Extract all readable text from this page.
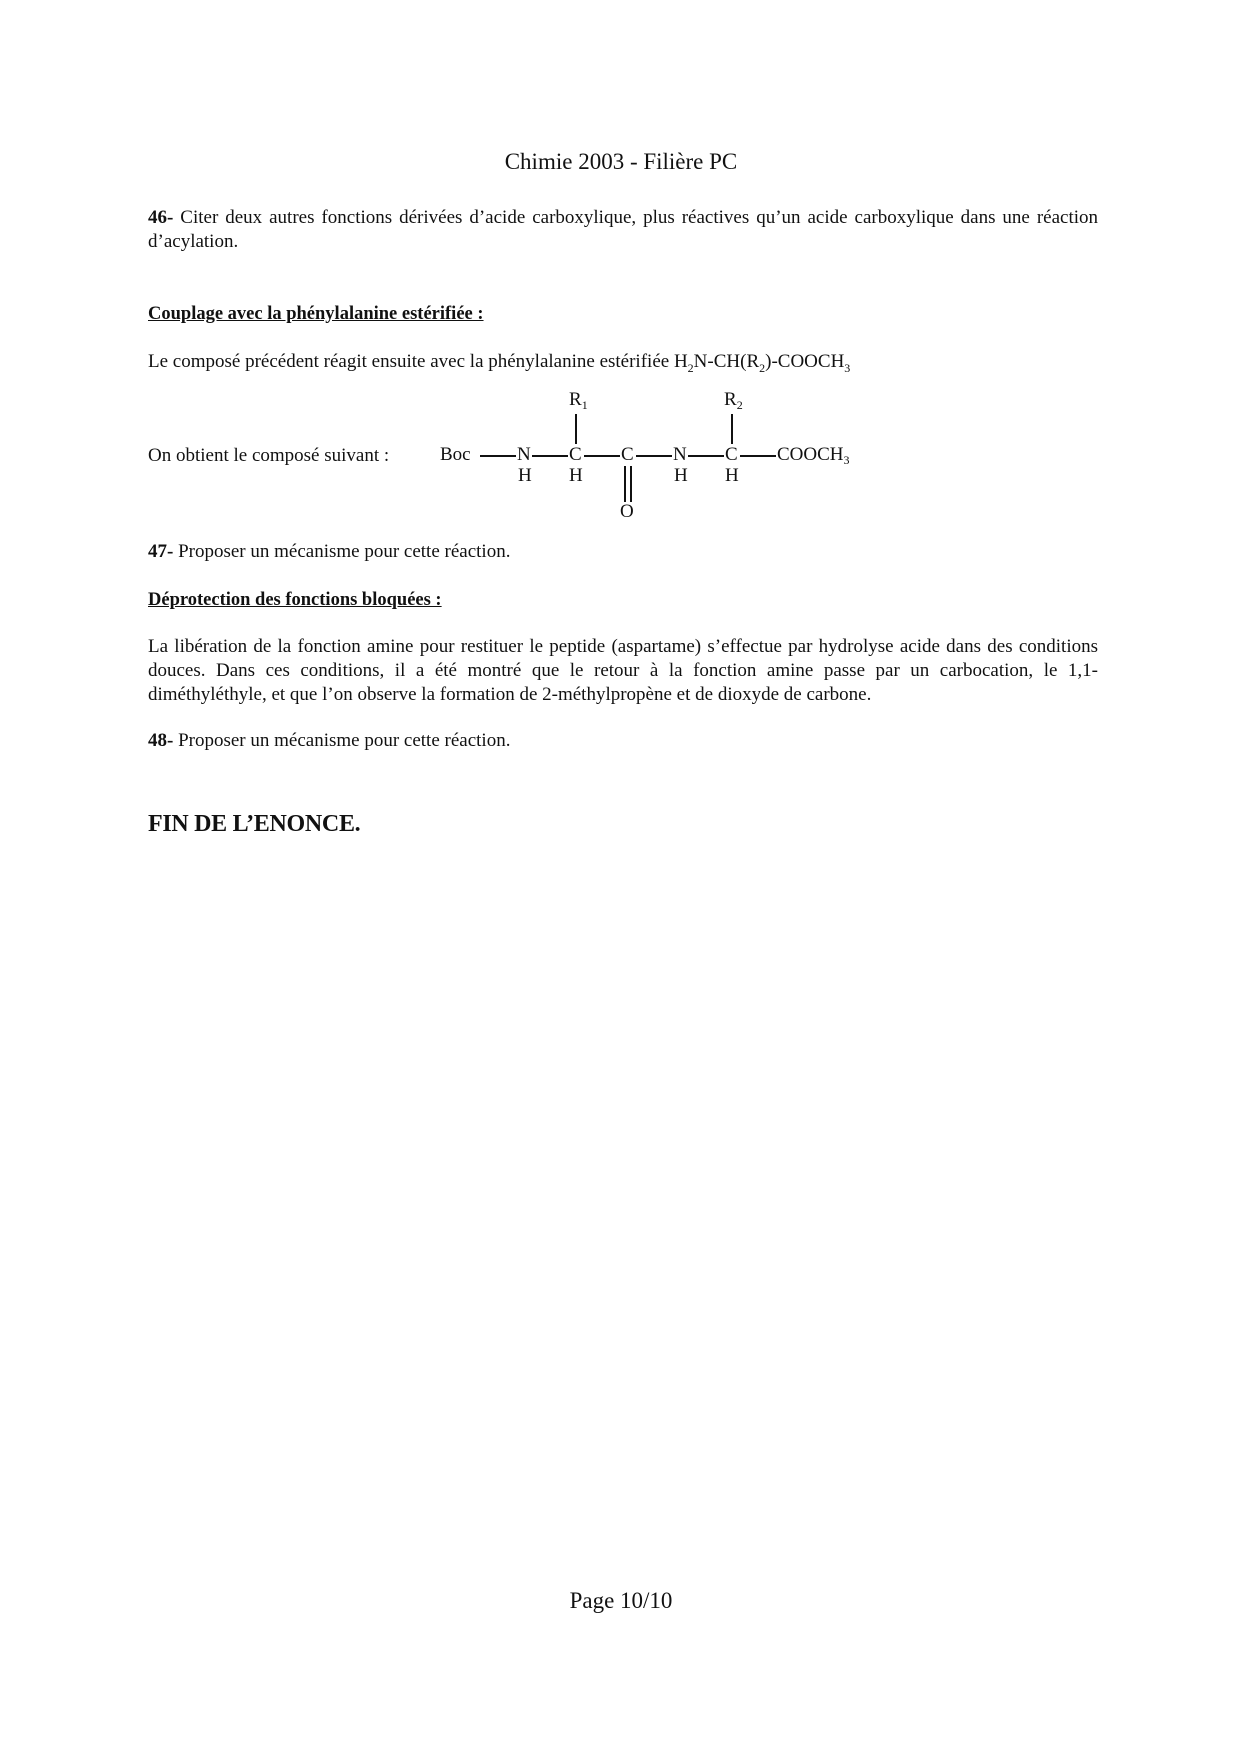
Chimie 2003 - Filière PC
46- Citer deux autres fonctions dérivées d’acide carboxylique, plus réactives qu’un acide carboxylique dans une réaction d’acylation.
Couplage avec la phénylalanine estérifiée :
Le composé précédent réagit ensuite avec la phénylalanine estérifiée $H_2N-CH(R_2)-COOCH_3$
On obtient le composé suivant :	Boc N
H
C
H
$R_1$
C
O
N
H
C
H
$R_2$
$COOCH_3$
47- Proposer un mécanisme pour cette réaction.
Déprotection des fonctions bloquées :
La libération de la fonction amine pour restituer le peptide (aspartame) s’effectue par hydrolyse acide dans des conditions douces. Dans ces conditions, il a été montré que le retour à la fonction amine passe par un carbocation, le 1,1-diméthyléthyle, et que l’on observe la formation de 2-méthylpropène et de dioxyde de carbone.
48- Proposer un mécanisme pour cette réaction.
FIN DE L’ENONCE.
Page 10/10
